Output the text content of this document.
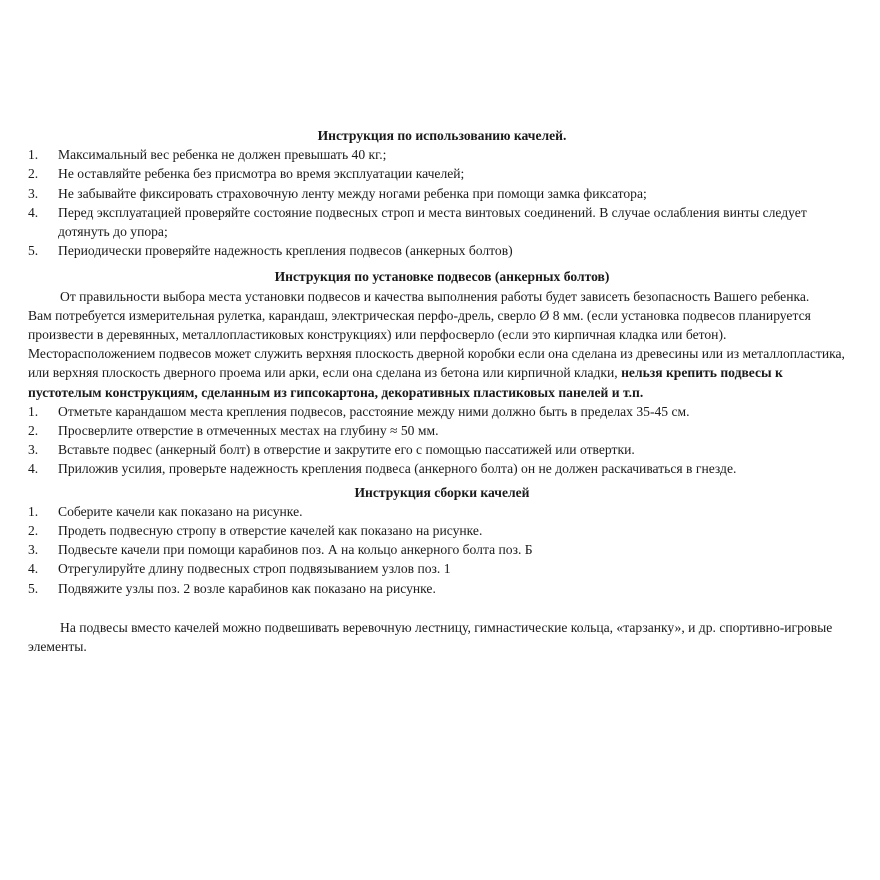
Инструкция по использованию качелей.
1.	Максимальный вес ребенка не должен превышать 40 кг.;
2.	Не оставляйте ребенка без присмотра во время эксплуатации качелей;
3.	Не забывайте фиксировать страховочную ленту между ногами ребенка при помощи замка фиксатора;
4.	Перед эксплуатацией проверяйте состояние подвесных строп и места винтовых соединений. В случае ослабления винты следует дотянуть до упора;
5.	Периодически проверяйте надежность крепления подвесов (анкерных болтов)
Инструкция по установке подвесов (анкерных болтов)

От правильности выбора места установки подвесов и качества выполнения работы будет зависеть безопасность Вашего ребенка.

Вам потребуется измерительная рулетка, карандаш, электрическая перфо-дрель, сверло Ø 8 мм. (если установка подвесов планируется произвести в деревянных, металлопластиковых конструкциях) или перфосверло (если это кирпичная кладка или бетон). Месторасположением подвесов может служить верхняя плоскость дверной коробки если она сделана из древесины или из металлопластика, или верхняя плоскость дверного проема или арки, если она сделана из бетона или кирпичной кладки, нельзя крепить подвесы к пустотелым конструкциям, сделанным из гипсокартона, декоративных пластиковых панелей и т.п.

1.	Отметьте карандашом места крепления подвесов, расстояние между ними должно быть в пределах 35-45 см.
2.	Просверлите отверстие в отмеченных местах на глубину ≈ 50 мм.
3.	Вставьте подвес (анкерный болт) в отверстие и закрутите его с помощью пассатижей или отвертки.
4.	Приложив усилия, проверьте надежность крепления подвеса (анкерного болта) он не должен раскачиваться в гнезде.
Инструкция сборки качелей
1.	Соберите качели как показано на рисунке.
2.	Продеть подвесную стропу в отверстие качелей как показано на рисунке.
3.	Подвесьте качели при помощи карабинов поз. А на кольцо анкерного болта поз. Б
4.	Отрегулируйте длину подвесных строп подвязыванием узлов поз. 1
5.	Подвяжите узлы поз. 2 возле карабинов как показано на рисунке.

На подвесы вместо качелей можно подвешивать веревочную лестницу, гимнастические кольца, «тарзанку», и др. спортивно-игровые элементы.
